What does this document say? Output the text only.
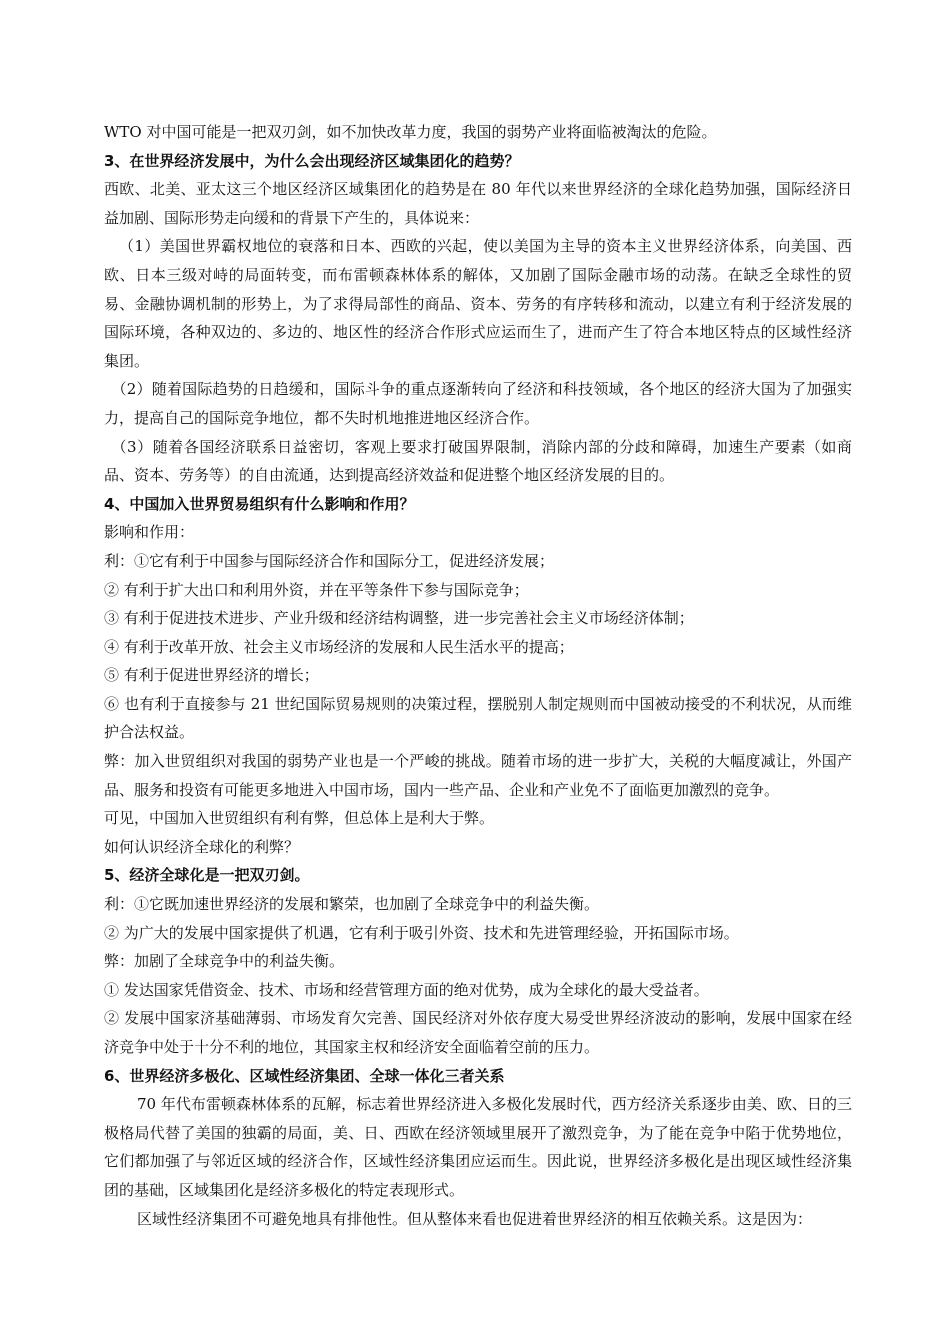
WTO 对中国可能是一把双刃剑，如不加快改革力度，我国的弱势产业将面临被淘汰的危险。

3、在世界经济发展中，为什么会出现经济区域集团化的趋势？

西欧、北美、亚太这三个地区经济区域集团化的趋势是在 80 年代以来世界经济的全球化趋势加强，国际经济日益加剧、国际形势走向缓和的背景下产生的，具体说来：

（1）美国世界霸权地位的衰落和日本、西欧的兴起，使以美国为主导的资本主义世界经济体系，向美国、西欧、日本三级对峙的局面转变，而布雷顿森林体系的解体，又加剧了国际金融市场的动荡。在缺乏全球性的贸易、金融协调机制的形势上，为了求得局部性的商品、资本、劳务的有序转移和流动，以建立有利于经济发展的国际环境，各种双边的、多边的、地区性的经济合作形式应运而生了，进而产生了符合本地区特点的区域性经济集团。

（2）随着国际趋势的日趋缓和，国际斗争的重点逐渐转向了经济和科技领域，各个地区的经济大国为了加强实力，提高自己的国际竞争地位，都不失时机地推进地区经济合作。

（3）随着各国经济联系日益密切，客观上要求打破国界限制，消除内部的分歧和障碍，加速生产要素（如商品、资本、劳务等）的自由流通，达到提高经济效益和促进整个地区经济发展的目的。

4、中国加入世界贸易组织有什么影响和作用？

影响和作用：

利：①它有利于中国参与国际经济合作和国际分工，促进经济发展；

② 有利于扩大出口和利用外资，并在平等条件下参与国际竞争；

③ 有利于促进技术进步、产业升级和经济结构调整，进一步完善社会主义市场经济体制；

④ 有利于改革开放、社会主义市场经济的发展和人民生活水平的提高；

⑤ 有利于促进世界经济的增长；

⑥ 也有利于直接参与 21 世纪国际贸易规则的决策过程，摆脱别人制定规则而中国被动接受的不利状况，从而维护合法权益。

弊：加入世贸组织对我国的弱势产业也是一个严峻的挑战。随着市场的进一步扩大，关税的大幅度减让，外国产品、服务和投资有可能更多地进入中国市场，国内一些产品、企业和产业免不了面临更加激烈的竞争。

可见，中国加入世贸组织有利有弊，但总体上是利大于弊。

如何认识经济全球化的利弊？

5、经济全球化是一把双刃剑。

利：①它既加速世界经济的发展和繁荣，也加剧了全球竞争中的利益失衡。

② 为广大的发展中国家提供了机遇，它有利于吸引外资、技术和先进管理经验，开拓国际市场。

弊：加剧了全球竞争中的利益失衡。

① 发达国家凭借资金、技术、市场和经营管理方面的绝对优势，成为全球化的最大受益者。

② 发展中国家济基础薄弱、市场发育欠完善、国民经济对外依存度大易受世界经济波动的影响，发展中国家在经济竞争中处于十分不利的地位，其国家主权和经济安全面临着空前的压力。

6、世界经济多极化、区域性经济集团、全球一体化三者关系

70 年代布雷顿森林体系的瓦解，标志着世界经济进入多极化发展时代，西方经济关系逐步由美、欧、日的三极格局代替了美国的独霸的局面，美、日、西欧在经济领域里展开了激烈竞争，为了能在竞争中陷于优势地位，它们都加强了与邻近区域的经济合作，区域性经济集团应运而生。因此说，世界经济多极化是出现区域性经济集团的基础，区域集团化是经济多极化的特定表现形式。

区域性经济集团不可避免地具有排他性。但从整体来看也促进着世界经济的相互依赖关系。这是因为：
